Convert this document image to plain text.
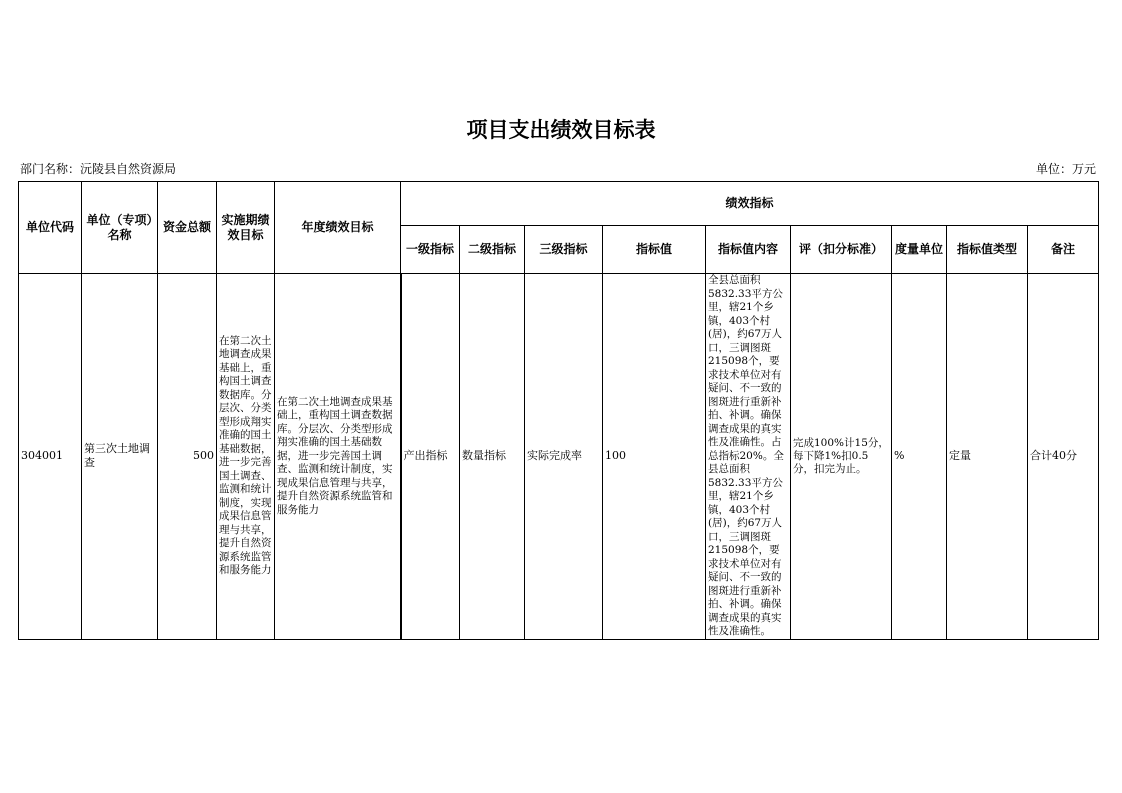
项目支出绩效目标表
部门名称：沅陵县自然资源局	单位：万元
单位代码	单位（专项）名称	资金总额	实施期绩效目标	年度绩效目标	绩效指标								
					一级指标	二级指标	三级指标	指标值	指标值内容	评（扣分标准）	度量单位	指标值类型	备注
304001	第三次土地调查	500	在第二次土地调查成果基础上，重构国土调查数据库。分层次、分类型形成翔实准确的国土基础数据，进一步完善国土调查、监测和统计制度，实现成果信息管理与共享，提升自然资源系统监管和服务能力	在第二次土地调查成果基础上，重构国土调查数据库。分层次、分类型形成翔实准确的国土基础数据，进一步完善国土调查、监测和统计制度，实现成果信息管理与共享，提升自然资源系统监管和服务能力	产出指标	数量指标	实际完成率	100	全县总面积5832.33平方公里，辖21个乡镇，403个村(居)，约67万人口，三调图斑215098个，要求技术单位对有疑问、不一致的图斑进行重新补拍、补调。确保调查成果的真实性及准确性。占总指标20%。全县总面积5832.33平方公里，辖21个乡镇，403个村(居)，约67万人口，三调图斑215098个，要求技术单位对有疑问、不一致的图斑进行重新补拍、补调。确保调查成果的真实性及准确性。	完成100%计15分，每下降1%扣0.5分，扣完为止。	%	定量	合计40分
